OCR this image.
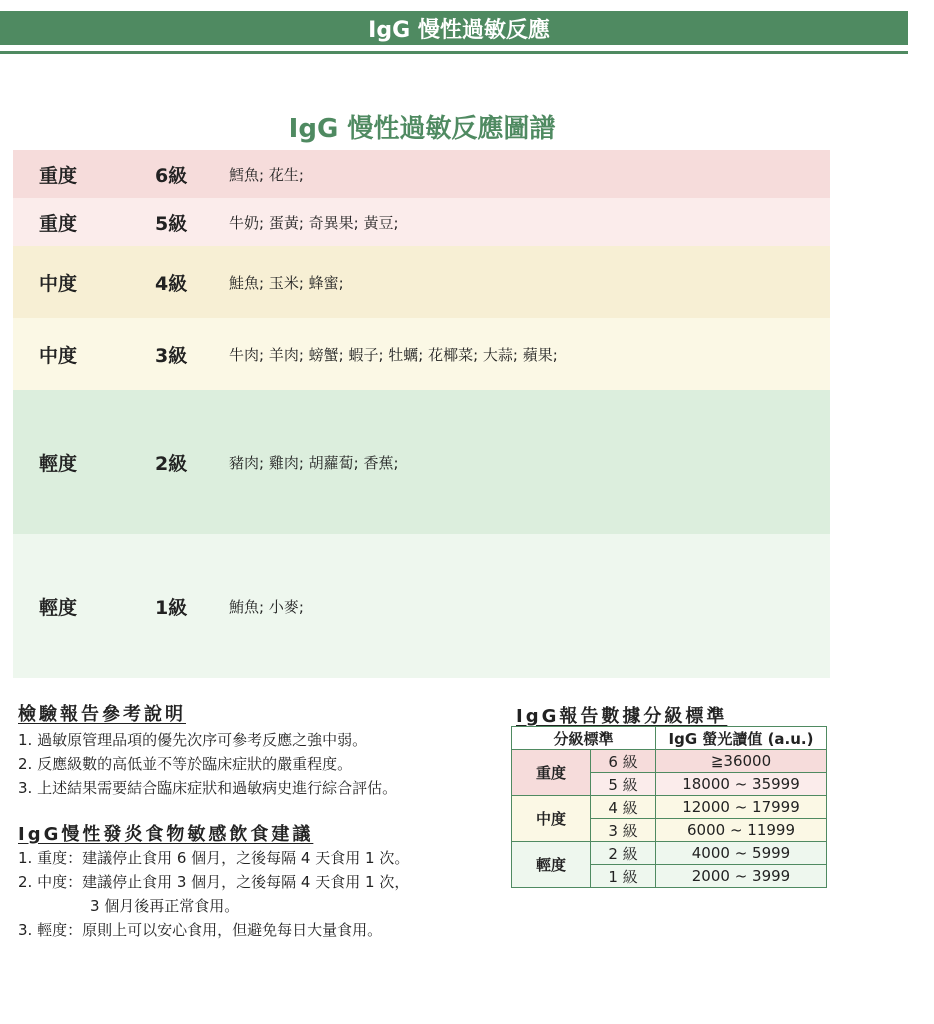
IgG 慢性過敏反應
IgG 慢性過敏反應圖譜
重度	6級	鱈魚; 花生;
重度	5級	牛奶; 蛋黃; 奇異果; 黃豆;
中度	4級	鮭魚; 玉米; 蜂蜜;
中度	3級	牛肉; 羊肉; 螃蟹; 蝦子; 牡蠣; 花椰菜; 大蒜; 蘋果;
輕度	2級	豬肉; 雞肉; 胡蘿蔔; 香蕉;
輕度	1級	鮪魚; 小麥;
檢驗報告參考說明
1. 過敏原管理品項的優先次序可參考反應之強中弱。
2. 反應級數的高低並不等於臨床症狀的嚴重程度。
3. 上述結果需要結合臨床症狀和過敏病史進行綜合評估。
IgG慢性發炎食物敏感飲食建議
1. 重度：建議停止食用 6 個月，之後每隔 4 天食用 1 次。
2. 中度：建議停止食用 3 個月，之後每隔 4 天食用 1 次，
3 個月後再正常食用。
3. 輕度：原則上可以安心食用，但避免每日大量食用。
IgG報告數據分級標準
分級標準		IgG 螢光讀值 (a.u.)
重度	6 級	≧36000
	5 級	18000 ~ 35999
中度	4 級	12000 ~ 17999
	3 級	6000 ~ 11999
輕度	2 級	4000 ~ 5999
	1 級	2000 ~ 3999
